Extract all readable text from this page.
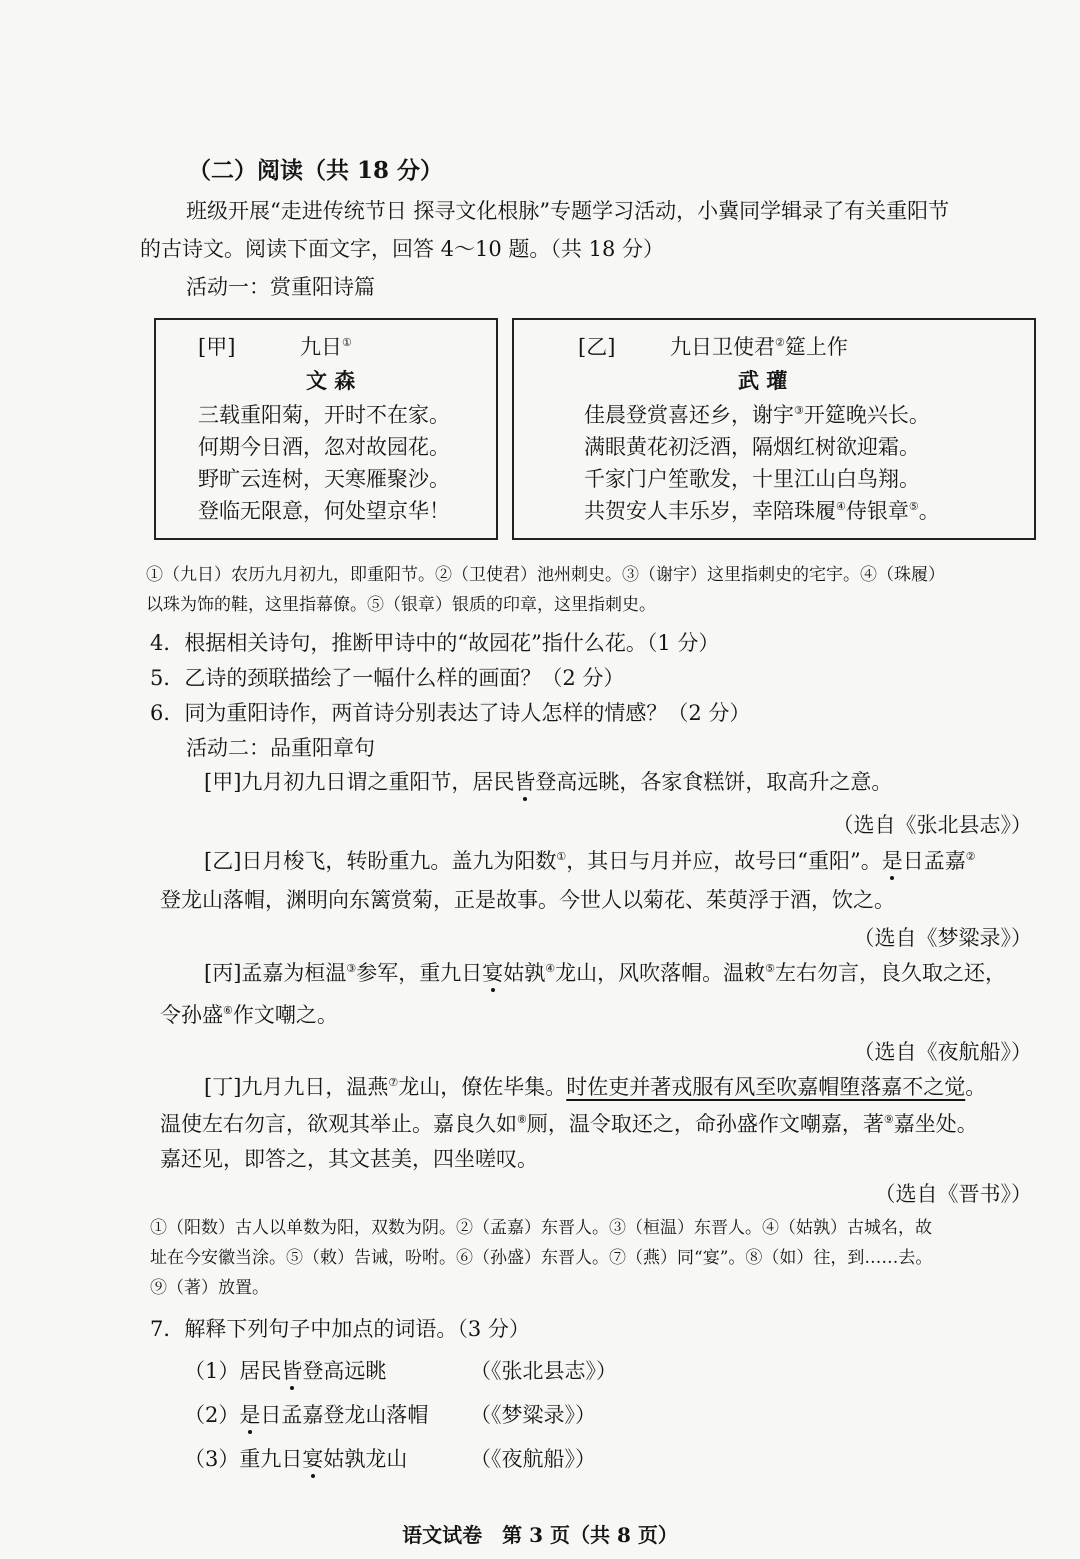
（二）阅读（共 18 分）
班级开展“走进传统节日 探寻文化根脉”专题学习活动，小冀同学辑录了有关重阳节
的古诗文。阅读下面文字，回答 4～10 题。（共 18 分）
活动一：赏重阳诗篇
[甲]	九日①
文 森
三载重阳菊，开时不在家。
何期今日酒，忽对故园花。
野旷云连树，天寒雁聚沙。
登临无限意，何处望京华！
[乙]	九日卫使君②筵上作
武 瓘
佳晨登赏喜还乡，谢宇③开筵晚兴长。
满眼黄花初泛酒，隔烟红树欲迎霜。
千家门户笙歌发，十里江山白鸟翔。
共贺安人丰乐岁，幸陪珠履④侍银章⑤。
①（九日）农历九月初九，即重阳节。②（卫使君）池州刺史。③（谢宇）这里指刺史的宅宇。④（珠履）
以珠为饰的鞋，这里指幕僚。⑤（银章）银质的印章，这里指刺史。
4．根据相关诗句，推断甲诗中的“故园花”指什么花。（1 分）
5．乙诗的颈联描绘了一幅什么样的画面？（2 分）
6．同为重阳诗作，两首诗分别表达了诗人怎样的情感？（2 分）
活动二：品重阳章句
[甲]九月初九日谓之重阳节，居民皆登高远眺，各家食糕饼，取高升之意。
（选自《张北县志》）
[乙]日月梭飞，转盼重九。盖九为阳数①，其日与月并应，故号曰“重阳”。是日孟嘉②
登龙山落帽，渊明向东篱赏菊，正是故事。今世人以菊花、茱萸浮于酒，饮之。
（选自《梦粱录》）
[丙]孟嘉为桓温③参军，重九日宴姑孰④龙山，风吹落帽。温敕⑤左右勿言，良久取之还，
令孙盛⑥作文嘲之。
（选自《夜航船》）
[丁]九月九日，温燕⑦龙山，僚佐毕集。时佐吏并著戎服有风至吹嘉帽堕落嘉不之觉。
温使左右勿言，欲观其举止。嘉良久如⑧厕，温令取还之，命孙盛作文嘲嘉，著⑨嘉坐处。
嘉还见，即答之，其文甚美，四坐嗟叹。
（选自《晋书》）
①（阳数）古人以单数为阳，双数为阴。②（孟嘉）东晋人。③（桓温）东晋人。④（姑孰）古城名，故
址在今安徽当涂。⑤（敕）告诫，吩咐。⑥（孙盛）东晋人。⑦（燕）同“宴”。⑧（如）往，到……去。
⑨（著）放置。
7．解释下列句子中加点的词语。（3 分）
（1）居民皆登高远眺	（《张北县志》）
（2）是日孟嘉登龙山落帽 （《梦粱录》）
（3）重九日宴姑孰龙山	（《夜航船》）
语文试卷　第 3 页（共 8 页）
